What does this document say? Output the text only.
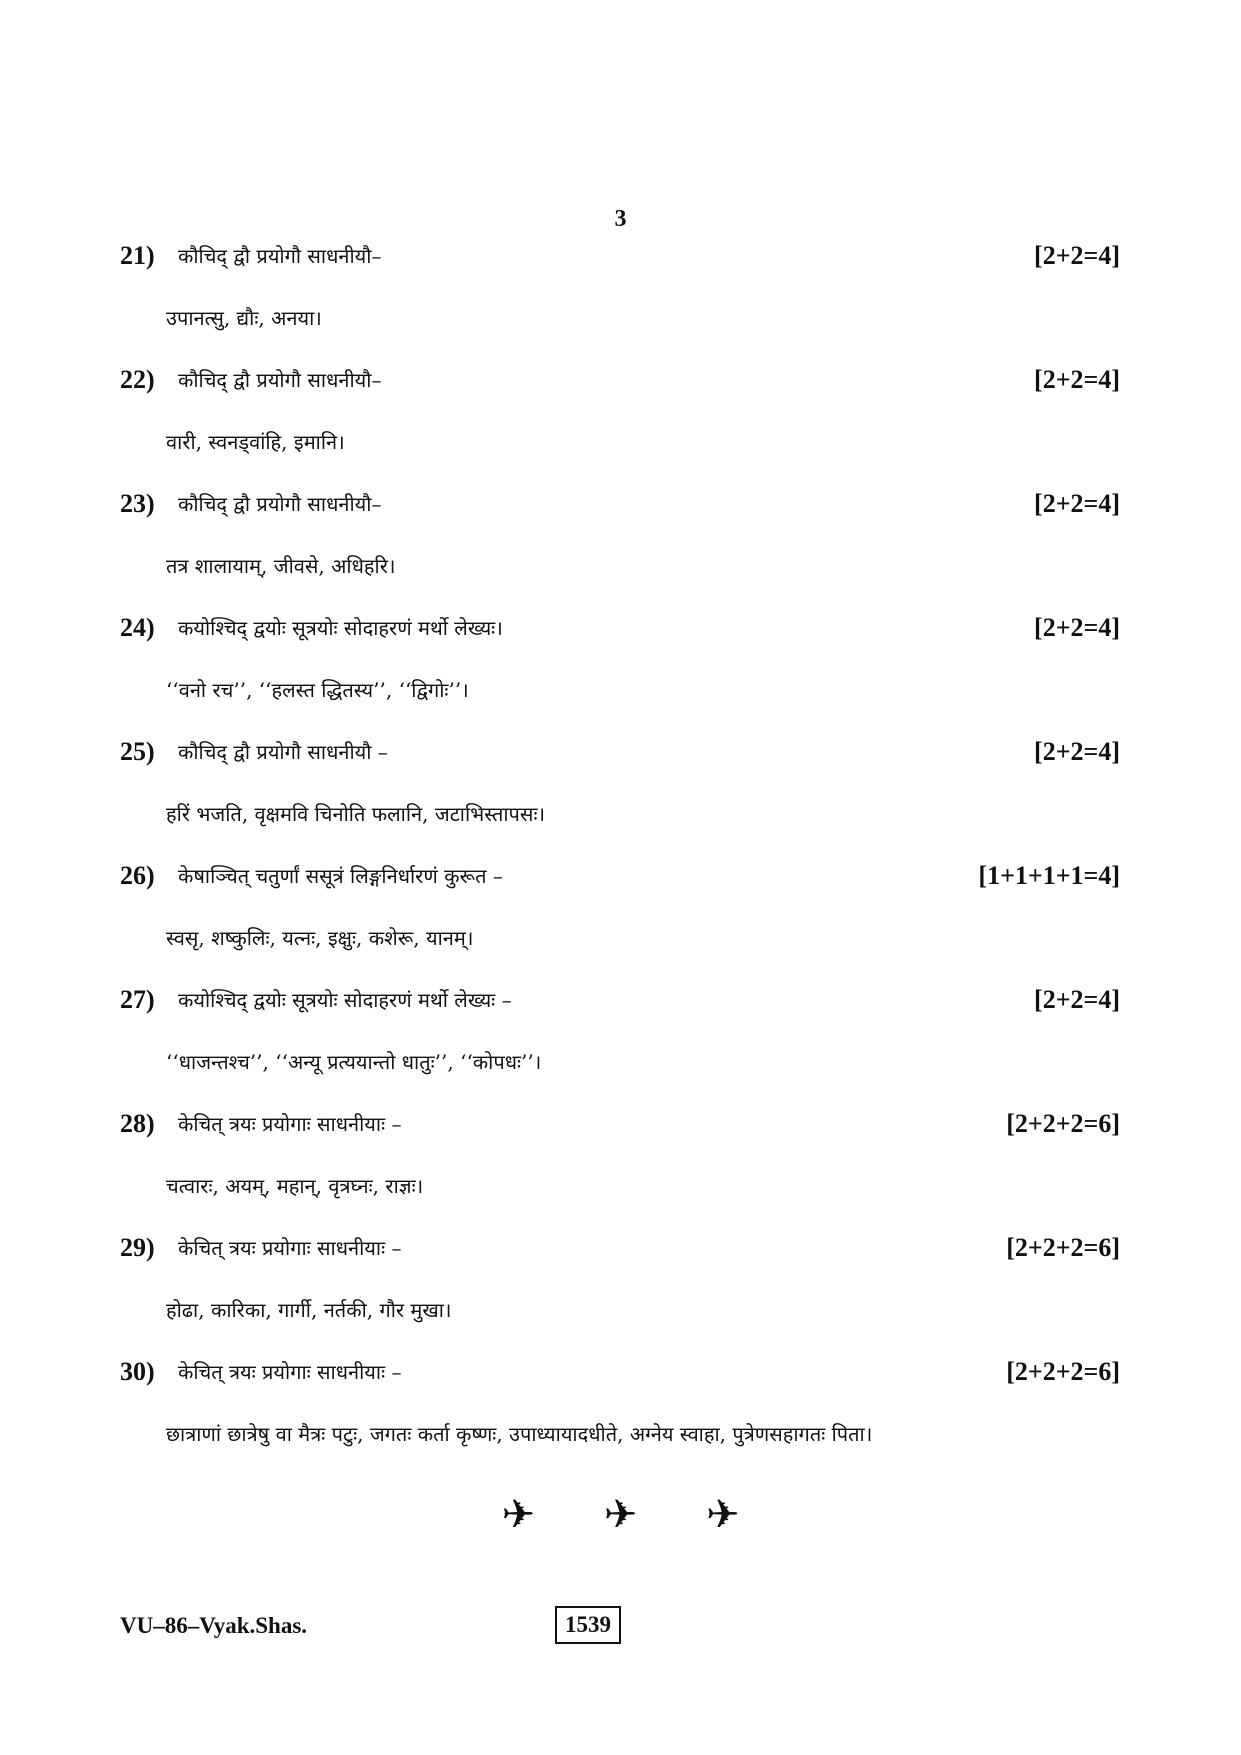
3
21) कौचिद् द्वौ प्रयोगौ साधनीयौ–	[2+2=4]
उपानत्सु, द्यौः, अनया।
22) कौचिद् द्वौ प्रयोगौ साधनीयौ–	[2+2=4]
वारी, स्वनड्वांहि, इमानि।
23) कौचिद् द्वौ प्रयोगौ साधनीयौ–	[2+2=4]
तत्र शालायाम्, जीवसे, अधिहरि।
24) कयोश्चिद् द्वयोः सूत्रयोः सोदाहरणं मर्थो लेख्यः।	[2+2=4]
‘‘वनो रच’’, ‘‘हलस्त द्धितस्य’’, ‘‘द्विगोः’’।
25) कौचिद् द्वौ प्रयोगौ साधनीयौ –	[2+2=4]
हरिं भजति, वृक्षमवि चिनोति फलानि, जटाभिस्तापसः।
26) केषाञ्चित् चतुर्णां ससूत्रं लिङ्गनिर्धारणं कुरूत –	[1+1+1+1=4]
स्वसृ, शष्कुलिः, यत्नः, इक्षुः, कशेरू, यानम्।
27) कयोश्चिद् द्वयोः सूत्रयोः सोदाहरणं मर्थो लेख्यः –	[2+2=4]
‘‘धाजन्तश्च’’, ‘‘अन्यू प्रत्ययान्तो धातुः’’, ‘‘कोपधः’’।
28) केचित् त्रयः प्रयोगाः साधनीयाः –	[2+2+2=6]
चत्वारः, अयम्, महान्, वृत्रघ्नः, राज्ञः।
29) केचित् त्रयः प्रयोगाः साधनीयाः –	[2+2+2=6]
होढा, कारिका, गार्गी, नर्तकी, गौर मुखा।
30) केचित् त्रयः प्रयोगाः साधनीयाः –	[2+2+2=6]
छात्राणां छात्रेषु वा मैत्रः पटुः, जगतः कर्ता कृष्णः, उपाध्यायादधीते, अग्नेय स्वाहा, पुत्रेणसहागतः पिता।
✈ ✈ ✈
VU–86–Vyak.Shas.	1539
